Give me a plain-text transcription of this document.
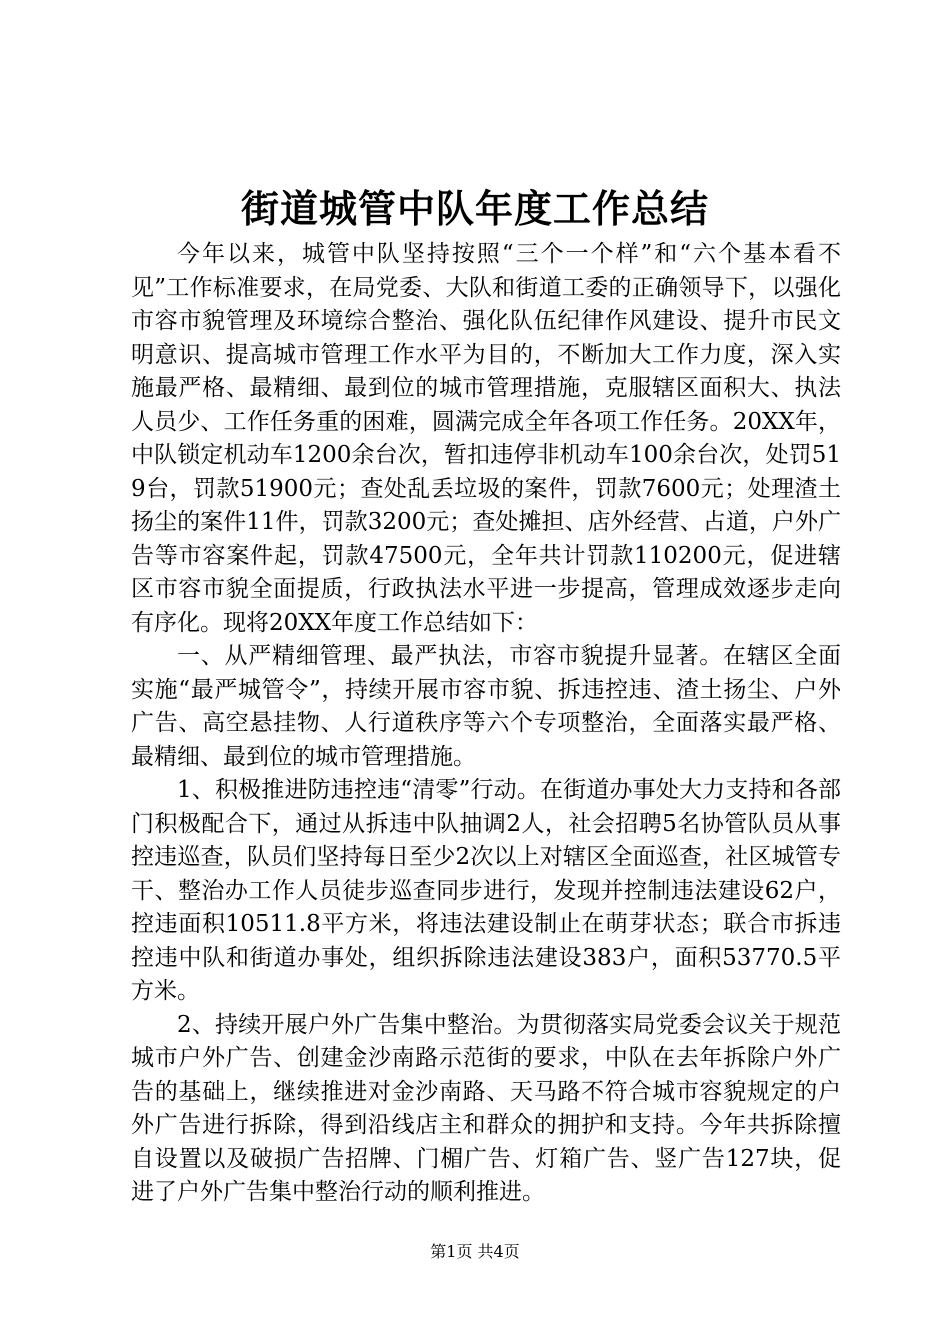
街道城管中队年度工作总结

今年以来，城管中队坚持按照“三个一个样”和“六个基本看不见”工作标准要求，在局党委、大队和街道工委的正确领导下，以强化市容市貌管理及环境综合整治、强化队伍纪律作风建设、提升市民文明意识、提高城市管理工作水平为目的，不断加大工作力度，深入实施最严格、最精细、最到位的城市管理措施，克服辖区面积大、执法人员少、工作任务重的困难，圆满完成全年各项工作任务。20XX年，中队锁定机动车1200余台次，暂扣违停非机动车100余台次，处罚519台，罚款51900元；查处乱丢垃圾的案件，罚款7600元；处理渣土扬尘的案件11件，罚款3200元；查处摊担、店外经营、占道，户外广告等市容案件起，罚款47500元，全年共计罚款110200元，促进辖区市容市貌全面提质，行政执法水平进一步提高，管理成效逐步走向有序化。现将20XX年度工作总结如下：

一、从严精细管理、最严执法，市容市貌提升显著。在辖区全面实施“最严城管令”，持续开展市容市貌、拆违控违、渣土扬尘、户外广告、高空悬挂物、人行道秩序等六个专项整治，全面落实最严格、最精细、最到位的城市管理措施。

1、积极推进防违控违“清零”行动。在街道办事处大力支持和各部门积极配合下，通过从拆违中队抽调2人，社会招聘5名协管队员从事控违巡查，队员们坚持每日至少2次以上对辖区全面巡查，社区城管专干、整治办工作人员徒步巡查同步进行，发现并控制违法建设62户，控违面积10511.8平方米，将违法建设制止在萌芽状态；联合市拆违控违中队和街道办事处，组织拆除违法建设383户，面积53770.5平方米。

2、持续开展户外广告集中整治。为贯彻落实局党委会议关于规范城市户外广告、创建金沙南路示范街的要求，中队在去年拆除户外广告的基础上，继续推进对金沙南路、天马路不符合城市容貌规定的户外广告进行拆除，得到沿线店主和群众的拥护和支持。今年共拆除擅自设置以及破损广告招牌、门楣广告、灯箱广告、竖广告127块，促进了户外广告集中整治行动的顺利推进。

第1页 共4页
